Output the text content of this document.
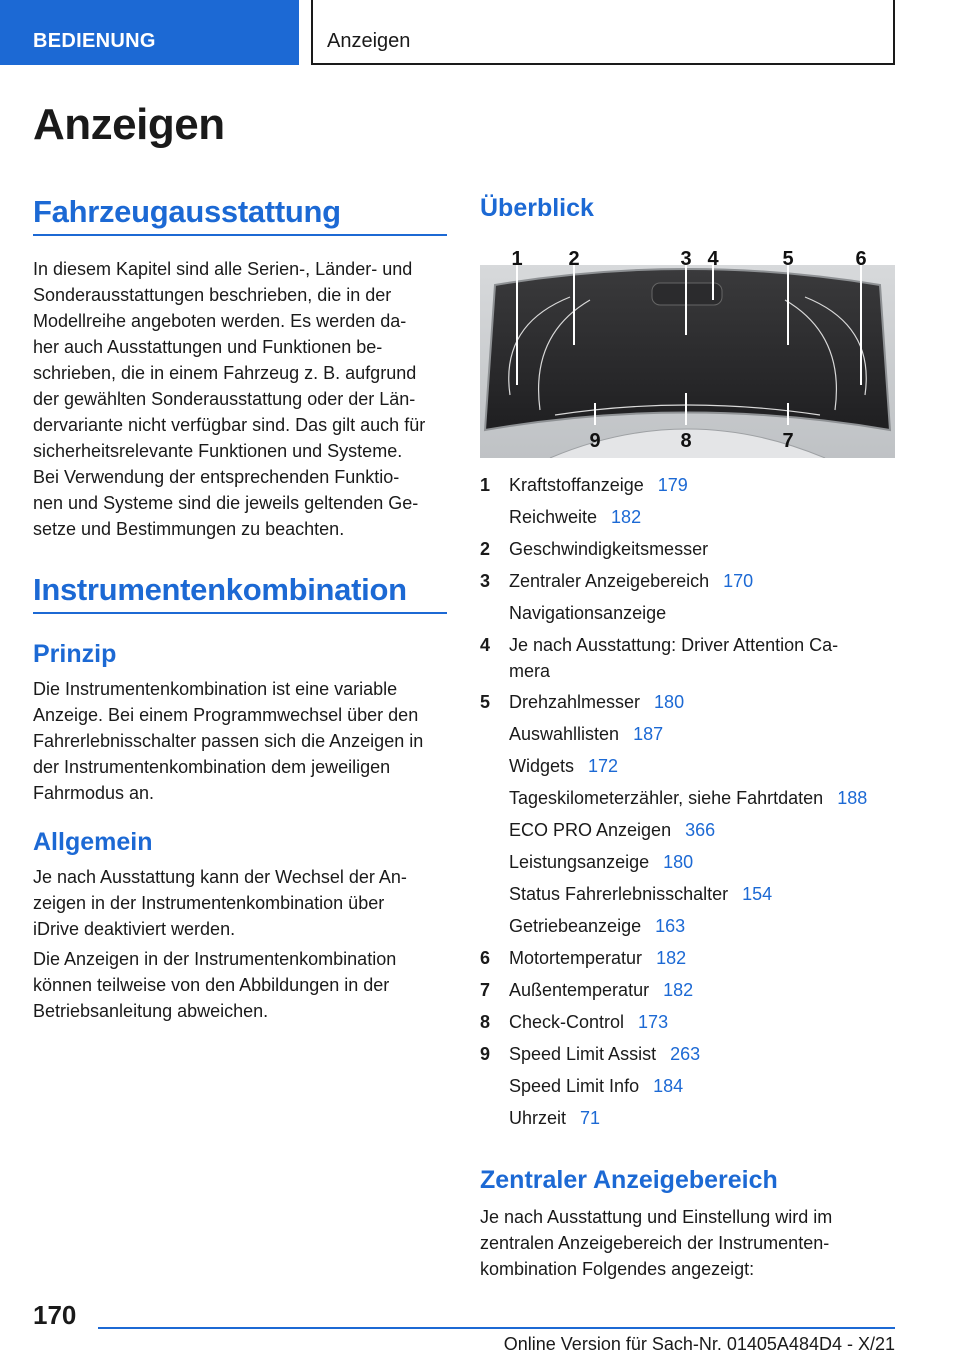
BEDIENUNG	Anzeigen
Anzeigen
Fahrzeugausstattung
In diesem Kapitel sind alle Serien-, Länder- und
Sonderausstattungen beschrieben, die in der
Modellreihe angeboten werden. Es werden da-
her auch Ausstattungen und Funktionen be-
schrieben, die in einem Fahrzeug z. B. aufgrund
der gewählten Sonderausstattung oder der Län-
dervariante nicht verfügbar sind. Das gilt auch für
sicherheitsrelevante Funktionen und Systeme.
Bei Verwendung der entsprechenden Funktio-
nen und Systeme sind die jeweils geltenden Ge-
setze und Bestimmungen zu beachten.
Instrumentenkombination
Prinzip
Die Instrumentenkombination ist eine variable
Anzeige. Bei einem Programmwechsel über den
Fahrerlebnisschalter passen sich die Anzeigen in
der Instrumentenkombination dem jeweiligen
Fahrmodus an.
Allgemein
Je nach Ausstattung kann der Wechsel der An-
zeigen in der Instrumentenkombination über
iDrive deaktiviert werden.
Die Anzeigen in der Instrumentenkombination
können teilweise von den Abbildungen in der
Betriebsanleitung abweichen.
Überblick
1 2	3 4	5	6
9	8	7
1	Kraftstoffanzeige 179
Reichweite 182
2	Geschwindigkeitsmesser
3	Zentraler Anzeigebereich 170
Navigationsanzeige
4	Je nach Ausstattung: Driver Attention Ca-
mera
5	Drehzahlmesser 180
Auswahllisten 187
Widgets 172
Tageskilometerzähler, siehe Fahrtdaten 188
ECO PRO Anzeigen 366
Leistungsanzeige 180
Status Fahrerlebnisschalter 154
Getriebeanzeige 163
6	Motortemperatur 182
7	Außentemperatur 182
8	Check-Control 173
9	Speed Limit Assist 263
Speed Limit Info 184
Uhrzeit 71
Zentraler Anzeigebereich
Je nach Ausstattung und Einstellung wird im
zentralen Anzeigebereich der Instrumenten-
kombination Folgendes angezeigt:
170
Online Version für Sach-Nr. 01405A484D4 - X/21
